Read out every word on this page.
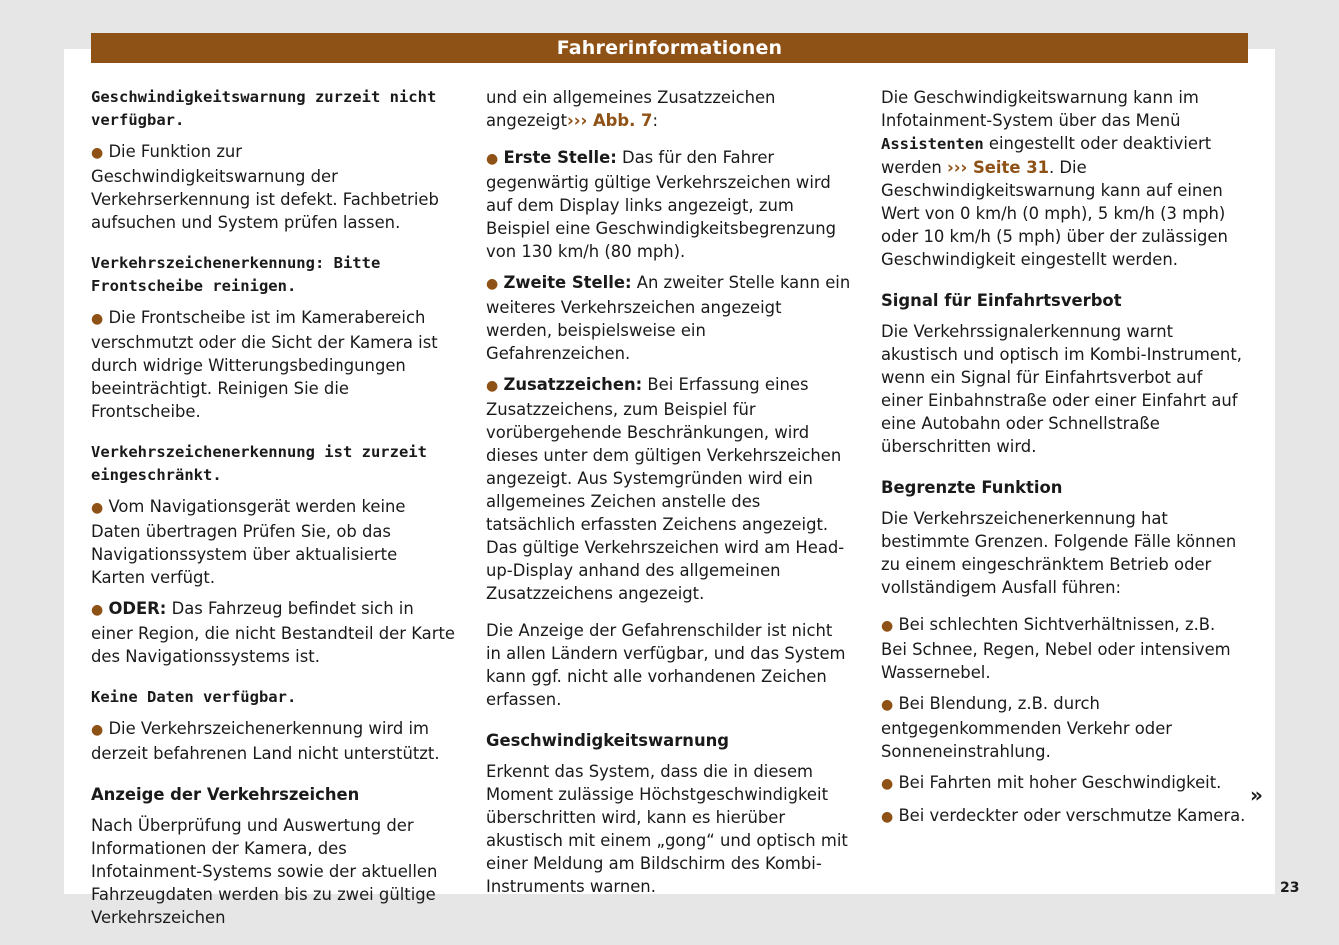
Fahrerinformationen

Geschwindigkeitswarnung zurzeit nicht verfügbar.

● Die Funktion zur Geschwindigkeitswarnung der Verkehrserkennung ist defekt. Fachbetrieb aufsuchen und System prüfen lassen.

Verkehrszeichenerkennung: Bitte Frontscheibe reinigen.

● Die Frontscheibe ist im Kamerabereich verschmutzt oder die Sicht der Kamera ist durch widrige Witterungsbedingungen beeinträchtigt. Reinigen Sie die Frontscheibe.

Verkehrszeichenerkennung ist zurzeit eingeschränkt.

● Vom Navigationsgerät werden keine Daten übertragen Prüfen Sie, ob das Navigationssystem über aktualisierte Karten verfügt.

● ODER: Das Fahrzeug befindet sich in einer Region, die nicht Bestandteil der Karte des Navigationssystems ist.

Keine Daten verfügbar.

● Die Verkehrszeichenerkennung wird im derzeit befahrenen Land nicht unterstützt.

Anzeige der Verkehrszeichen

Nach Überprüfung und Auswertung der Informationen der Kamera, des Infotainment-Systems sowie der aktuellen Fahrzeugdaten werden bis zu zwei gültige Verkehrszeichen

und ein allgemeines Zusatzzeichen angezeigt››› Abb. 7:

● Erste Stelle: Das für den Fahrer gegenwärtig gültige Verkehrszeichen wird auf dem Display links angezeigt, zum Beispiel eine Geschwindigkeitsbegrenzung von 130 km/h (80 mph).

● Zweite Stelle: An zweiter Stelle kann ein weiteres Verkehrszeichen angezeigt werden, beispielsweise ein Gefahrenzeichen.

● Zusatzzeichen: Bei Erfassung eines Zusatzzeichens, zum Beispiel für vorübergehende Beschränkungen, wird dieses unter dem gültigen Verkehrszeichen angezeigt. Aus Systemgründen wird ein allgemeines Zeichen anstelle des tatsächlich erfassten Zeichens angezeigt. Das gültige Verkehrszeichen wird am Head-up-Display anhand des allgemeinen Zusatzzeichens angezeigt.

Die Anzeige der Gefahrenschilder ist nicht in allen Ländern verfügbar, und das System kann ggf. nicht alle vorhandenen Zeichen erfassen.

Geschwindigkeitswarnung

Erkennt das System, dass die in diesem Moment zulässige Höchstgeschwindigkeit überschritten wird, kann es hierüber akustisch mit einem „gong“ und optisch mit einer Meldung am Bildschirm des Kombi-Instruments warnen.

Die Geschwindigkeitswarnung kann im Infotainment-System über das Menü Assistenten eingestellt oder deaktiviert werden ››› Seite 31. Die Geschwindigkeitswarnung kann auf einen Wert von 0 km/h (0 mph), 5 km/h (3 mph) oder 10 km/h (5 mph) über der zulässigen Geschwindigkeit eingestellt werden.

Signal für Einfahrtsverbot

Die Verkehrssignalerkennung warnt akustisch und optisch im Kombi-Instrument, wenn ein Signal für Einfahrtsverbot auf einer Einbahnstraße oder einer Einfahrt auf eine Autobahn oder Schnellstraße überschritten wird.

Begrenzte Funktion

Die Verkehrszeichenerkennung hat bestimmte Grenzen. Folgende Fälle können zu einem eingeschränktem Betrieb oder vollständigem Ausfall führen:

● Bei schlechten Sichtverhältnissen, z.B. Bei Schnee, Regen, Nebel oder intensivem Wassernebel.

● Bei Blendung, z.B. durch entgegenkommenden Verkehr oder Sonneneinstrahlung.

● Bei Fahrten mit hoher Geschwindigkeit.

● Bei verdeckter oder verschmutze Kamera.

»
23
